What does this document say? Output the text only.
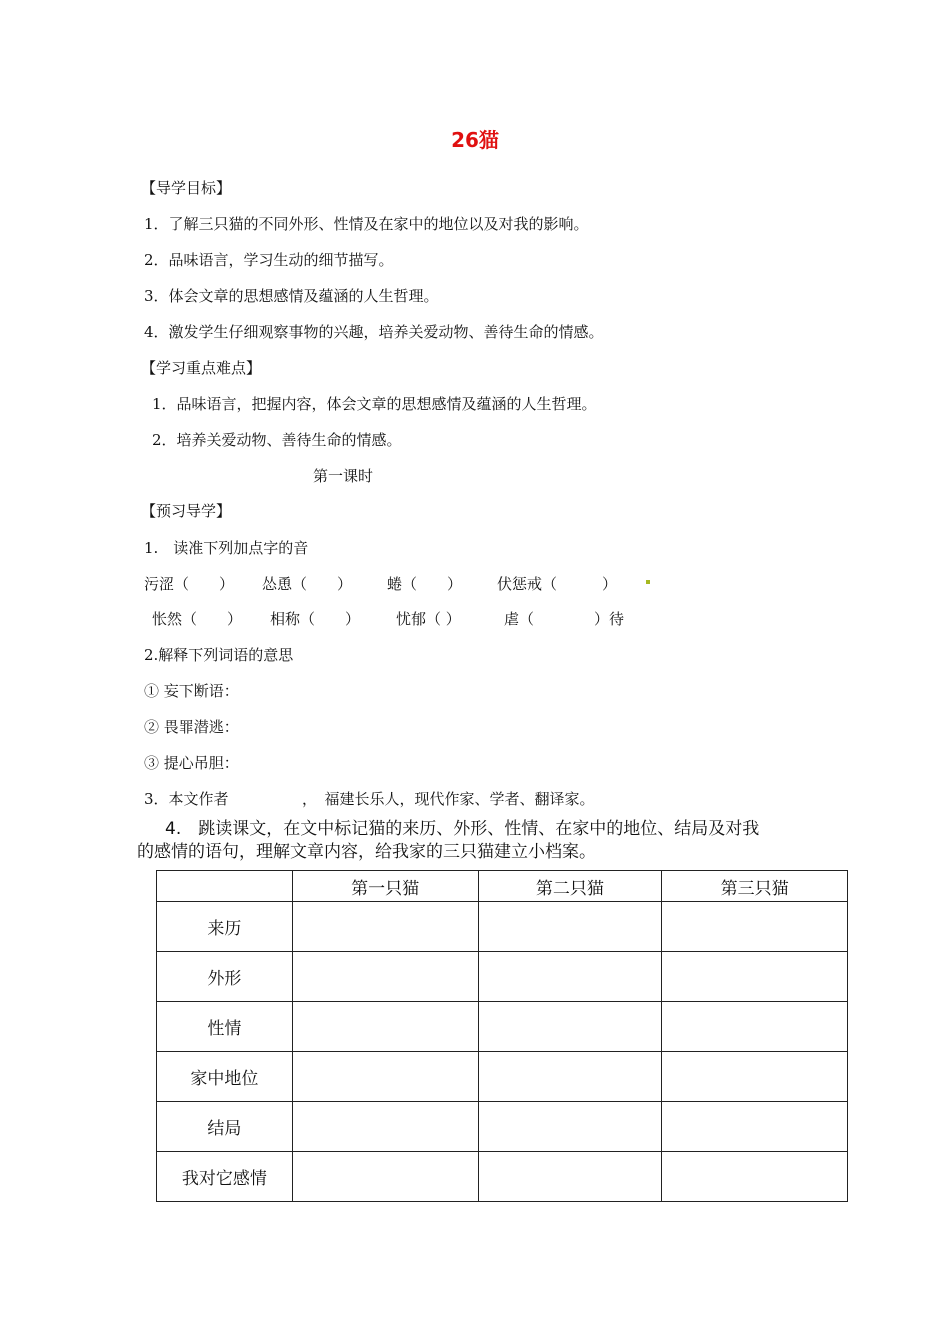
26猫
【导学目标】
1．了解三只猫的不同外形、性情及在家中的地位以及对我的影响。
2．品味语言，学习生动的细节描写。
3．体会文章的思想感情及蕴涵的人生哲理。
4．激发学生仔细观察事物的兴趣，培养关爱动物、善待生命的情感。
【学习重点难点】
1．品味语言，把握内容，体会文章的思想感情及蕴涵的人生哲理。
2．培养关爱动物、善待生命的情感。
第一课时
【预习导学】
1.　读准下列加点字的音
污涩（　　） 怂恿（　　） 蜷（　　） 伏惩戒（　　　）
怅然（　　） 相称（　　） 忧郁（ ）	虐（　　　　）待
2.解释下列词语的意思
① 妄下断语：
② 畏罪潜逃：
③ 提心吊胆：
3．本文作者	，　福建长乐人，现代作家、学者、翻译家。
4.　跳读课文，在文中标记猫的来历、外形、性情、在家中的地位、结局及对我
的感情的语句，理解文章内容，给我家的三只猫建立小档案。
	第一只猫	第二只猫	第三只猫
来历			
外形			
性情			
家中地位			
结局			
我对它感情			
